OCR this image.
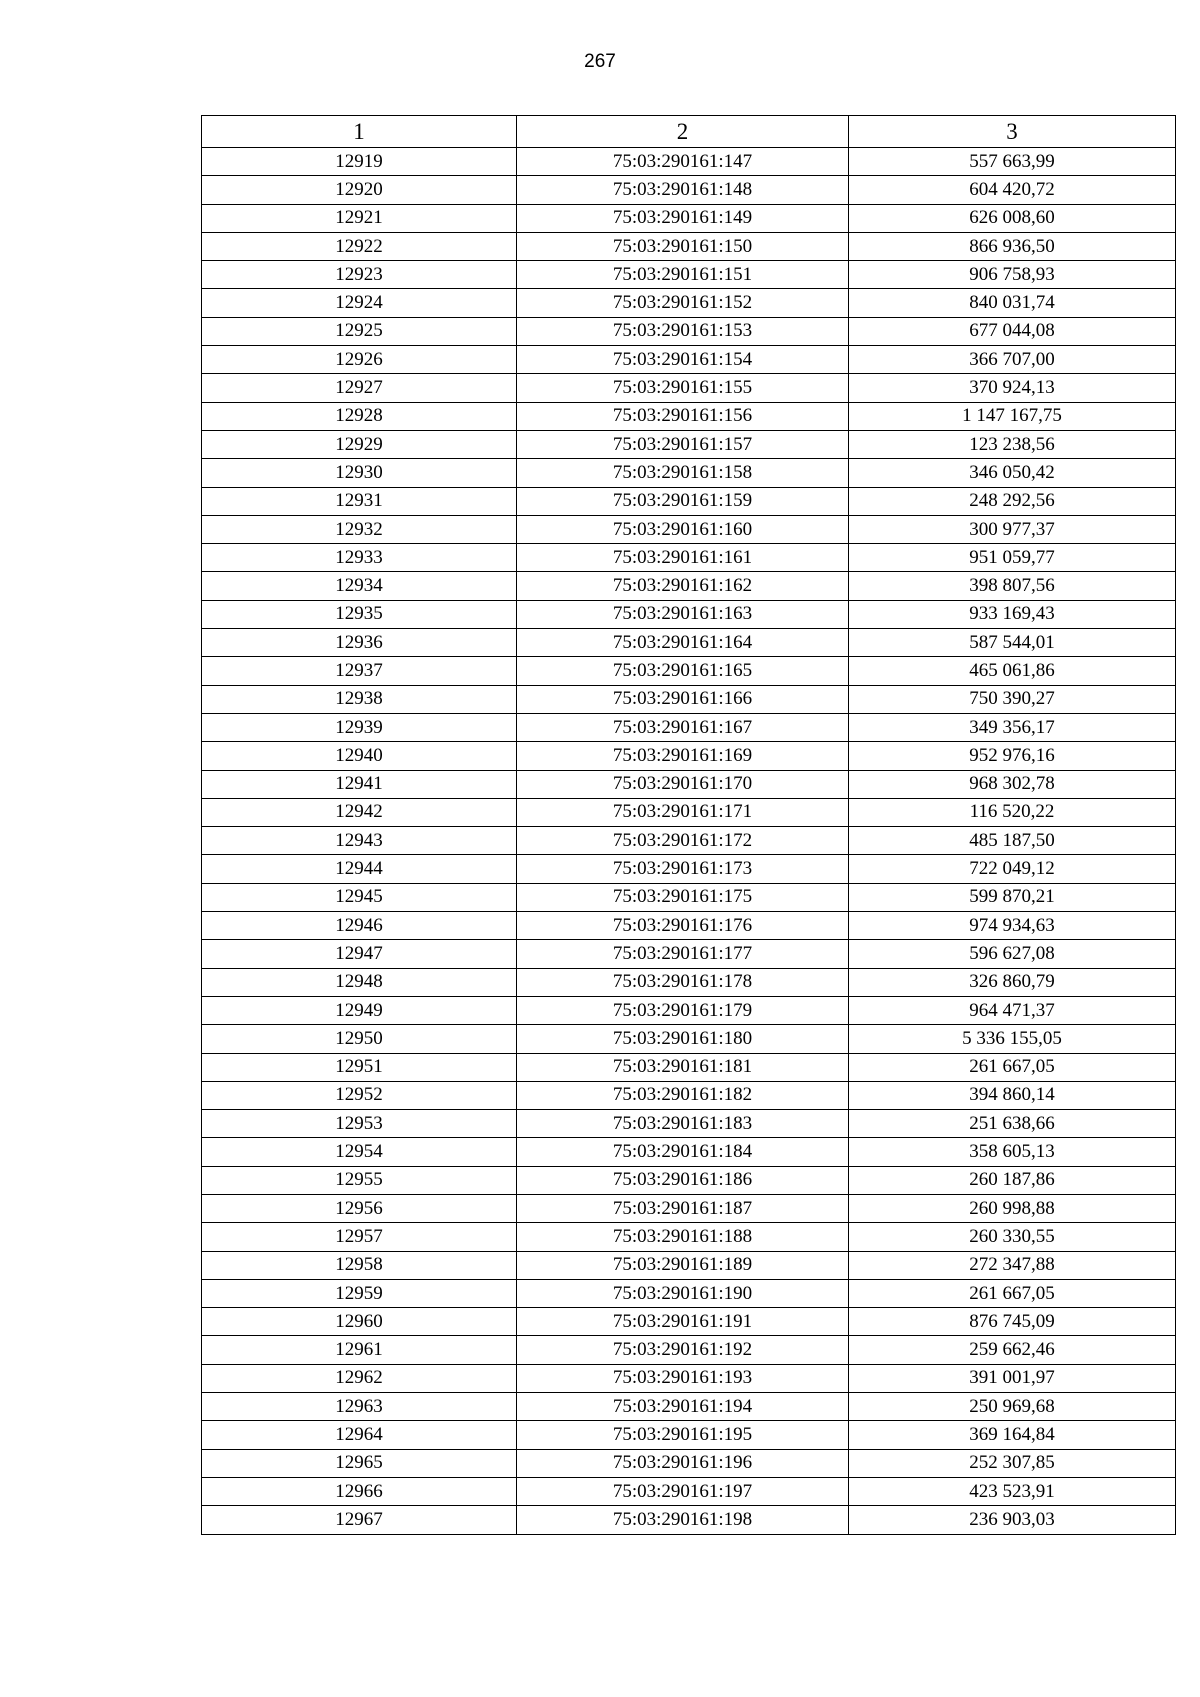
267
1	2	3
12919	75:03:290161:147	557 663,99
12920	75:03:290161:148	604 420,72
12921	75:03:290161:149	626 008,60
12922	75:03:290161:150	866 936,50
12923	75:03:290161:151	906 758,93
12924	75:03:290161:152	840 031,74
12925	75:03:290161:153	677 044,08
12926	75:03:290161:154	366 707,00
12927	75:03:290161:155	370 924,13
12928	75:03:290161:156	1 147 167,75
12929	75:03:290161:157	123 238,56
12930	75:03:290161:158	346 050,42
12931	75:03:290161:159	248 292,56
12932	75:03:290161:160	300 977,37
12933	75:03:290161:161	951 059,77
12934	75:03:290161:162	398 807,56
12935	75:03:290161:163	933 169,43
12936	75:03:290161:164	587 544,01
12937	75:03:290161:165	465 061,86
12938	75:03:290161:166	750 390,27
12939	75:03:290161:167	349 356,17
12940	75:03:290161:169	952 976,16
12941	75:03:290161:170	968 302,78
12942	75:03:290161:171	116 520,22
12943	75:03:290161:172	485 187,50
12944	75:03:290161:173	722 049,12
12945	75:03:290161:175	599 870,21
12946	75:03:290161:176	974 934,63
12947	75:03:290161:177	596 627,08
12948	75:03:290161:178	326 860,79
12949	75:03:290161:179	964 471,37
12950	75:03:290161:180	5 336 155,05
12951	75:03:290161:181	261 667,05
12952	75:03:290161:182	394 860,14
12953	75:03:290161:183	251 638,66
12954	75:03:290161:184	358 605,13
12955	75:03:290161:186	260 187,86
12956	75:03:290161:187	260 998,88
12957	75:03:290161:188	260 330,55
12958	75:03:290161:189	272 347,88
12959	75:03:290161:190	261 667,05
12960	75:03:290161:191	876 745,09
12961	75:03:290161:192	259 662,46
12962	75:03:290161:193	391 001,97
12963	75:03:290161:194	250 969,68
12964	75:03:290161:195	369 164,84
12965	75:03:290161:196	252 307,85
12966	75:03:290161:197	423 523,91
12967	75:03:290161:198	236 903,03
